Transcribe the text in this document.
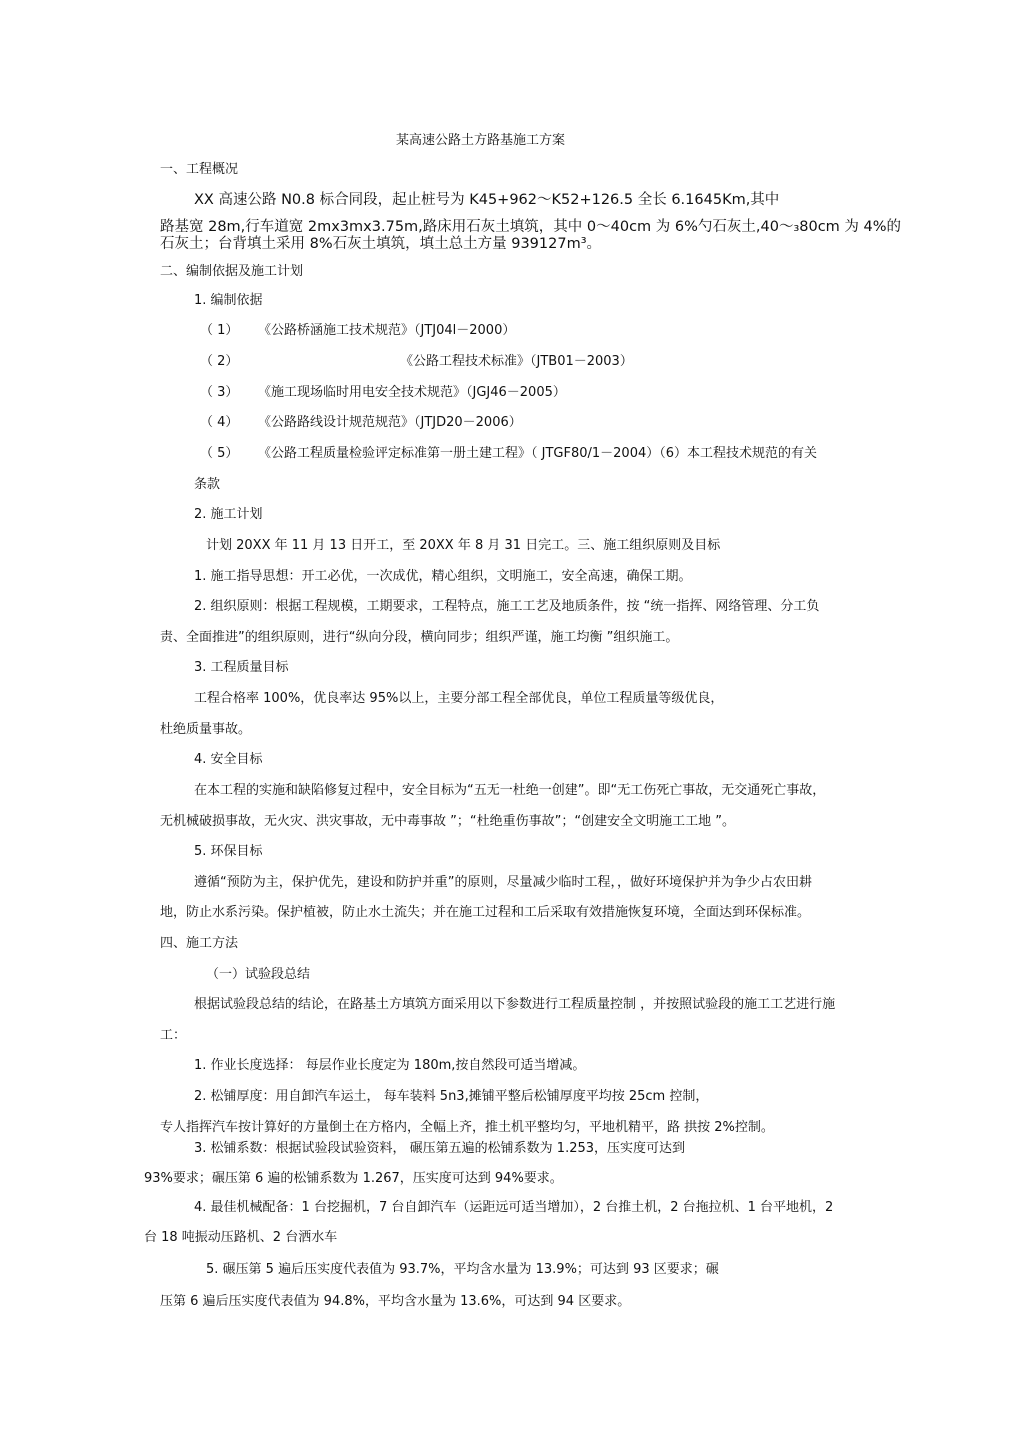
某高速公路土方路基施工方案
一、工程概况
XX 高速公路 N0.8 标合同段，起止桩号为 K45+962～K52+126.5 全长 6.1645Km,其中
路基宽 28m,行车道宽 2mx3mx3.75m,路床用石灰土填筑，其中 0～40cm 为 6%勺石灰土,40～₃80cm 为 4%的
石灰土；台背填土采用 8%石灰土填筑，填土总土方量 939127m³。
二、编制依据及施工计划
1. 编制依据
（ 1） 《公路桥涵施工技术规范》（JTJ04l－2000）
（ 2）	《公路工程技术标准》（JTB01－2003）
（ 3） 《施工现场临时用电安全技术规范》（JGJ46－2005）
（ 4） 《公路路线设计规范规范》（JTJD20－2006）
（ 5） 《公路工程质量检验评定标准第一册土建工程》（ JTGF80/1－2004）（6）本工程技术规范的有关
条款
2. 施工计划
计划 20XX 年 11 月 13 日开工，至 20XX 年 8 月 31 日完工。三、施工组织原则及目标
1. 施工指导思想：开工必优，一次成优，精心组织，文明施工，安全高速，确保工期。
2. 组织原则：根据工程规模，工期要求，工程特点，施工工艺及地质条件，按 “统一指挥、网络管理、分工负
责、全面推进”的组织原则，进行“纵向分段，横向同步；组织严谨，施工均衡 ”组织施工。
3. 工程质量目标
工程合格率 100%，优良率达 95%以上，主要分部工程全部优良，单位工程质量等级优良，
杜绝质量事故。
4. 安全目标
在本工程的实施和缺陷修复过程中，安全目标为“五无一杜绝一创建”。即“无工伤死亡事故，无交通死亡事故，
无机械破损事故，无火灾、洪灾事故，无中毒事故 ”；“杜绝重伤事故”；“创建安全文明施工工地 ”。
5. 环保目标
遵循“预防为主，保护优先，建设和防护并重”的原则，尽量减少临时工程，，做好环境保护并为争少占农田耕
地，防止水系污染。保护植被，防止水土流失；并在施工过程和工后采取有效措施恢复环境，全面达到环保标准。
四、施工方法
（一）试验段总结
根据试验段总结的结论，在路基土方填筑方面采用以下参数进行工程质量控制 ，并按照试验段的施工工艺进行施
工：
1. 作业长度选择： 每层作业长度定为 180m,按自然段可适当增减。
2. 松铺厚度：用自卸汽车运土， 每车装料 5n3,摊铺平整后松铺厚度平均按 25cm 控制，
专人指挥汽车按计算好的方量倒土在方格内，全幅上齐，推土机平整均匀，平地机精平，路 拱按 2%控制。
3. 松铺系数：根据试验段试验资料， 碾压第五遍的松铺系数为 1.253，压实度可达到
93%要求；碾压第 6 遍的松铺系数为 1.267，压实度可达到 94%要求。
4. 最佳机械配备：1 台挖掘机，7 台自卸汽车（运距远可适当增加），2 台推土机，2 台拖拉机、1 台平地机，2
台 18 吨振动压路机、2 台洒水车
5. 碾压第 5 遍后压实度代表值为 93.7%，平均含水量为 13.9%；可达到 93 区要求；碾
压第 6 遍后压实度代表值为 94.8%，平均含水量为 13.6%，可达到 94 区要求。
